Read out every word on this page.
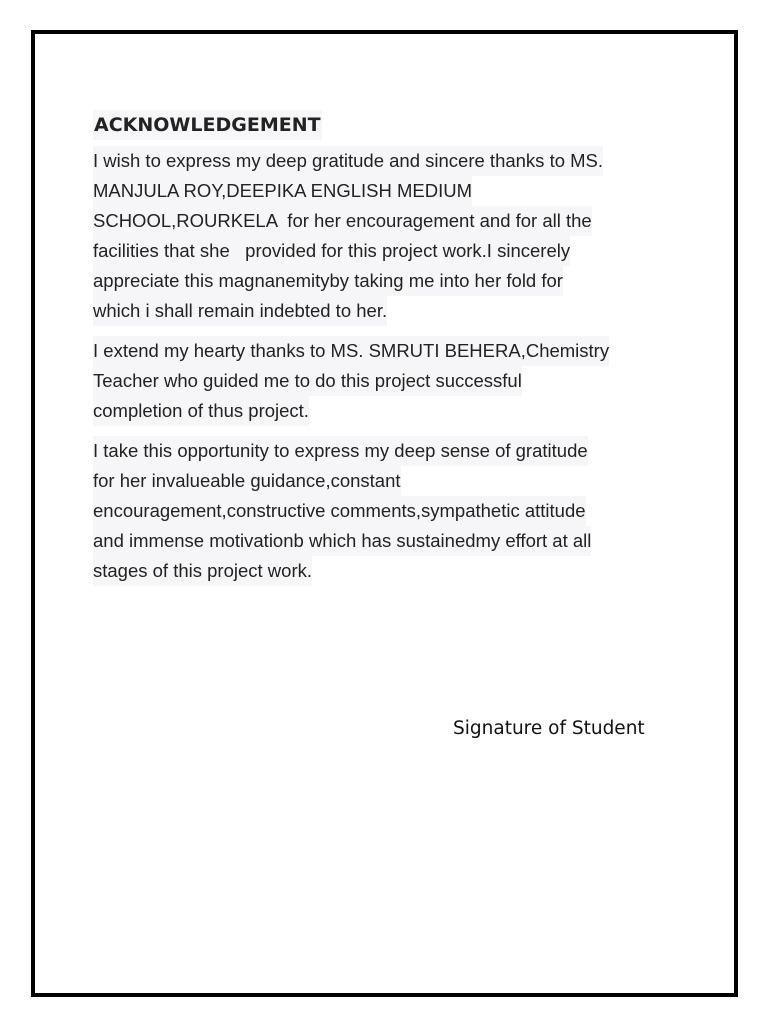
ACKNOWLEDGEMENT

I wish to express my deep gratitude and sincere thanks to MS.
MANJULA ROY,DEEPIKA ENGLISH MEDIUM
SCHOOL,ROURKELA  for her encouragement and for all the
facilities that she   provided for this project work.I sincerely
appreciate this magnanemityby taking me into her fold for
which i shall remain indebted to her.

I extend my hearty thanks to MS. SMRUTI BEHERA,Chemistry
Teacher who guided me to do this project successful
completion of thus project.

I take this opportunity to express my deep sense of gratitude
for her invalueable guidance,constant
encouragement,constructive comments,sympathetic attitude
and immense motivationb which has sustainedmy effort at all
stages of this project work.

Signature of Student
